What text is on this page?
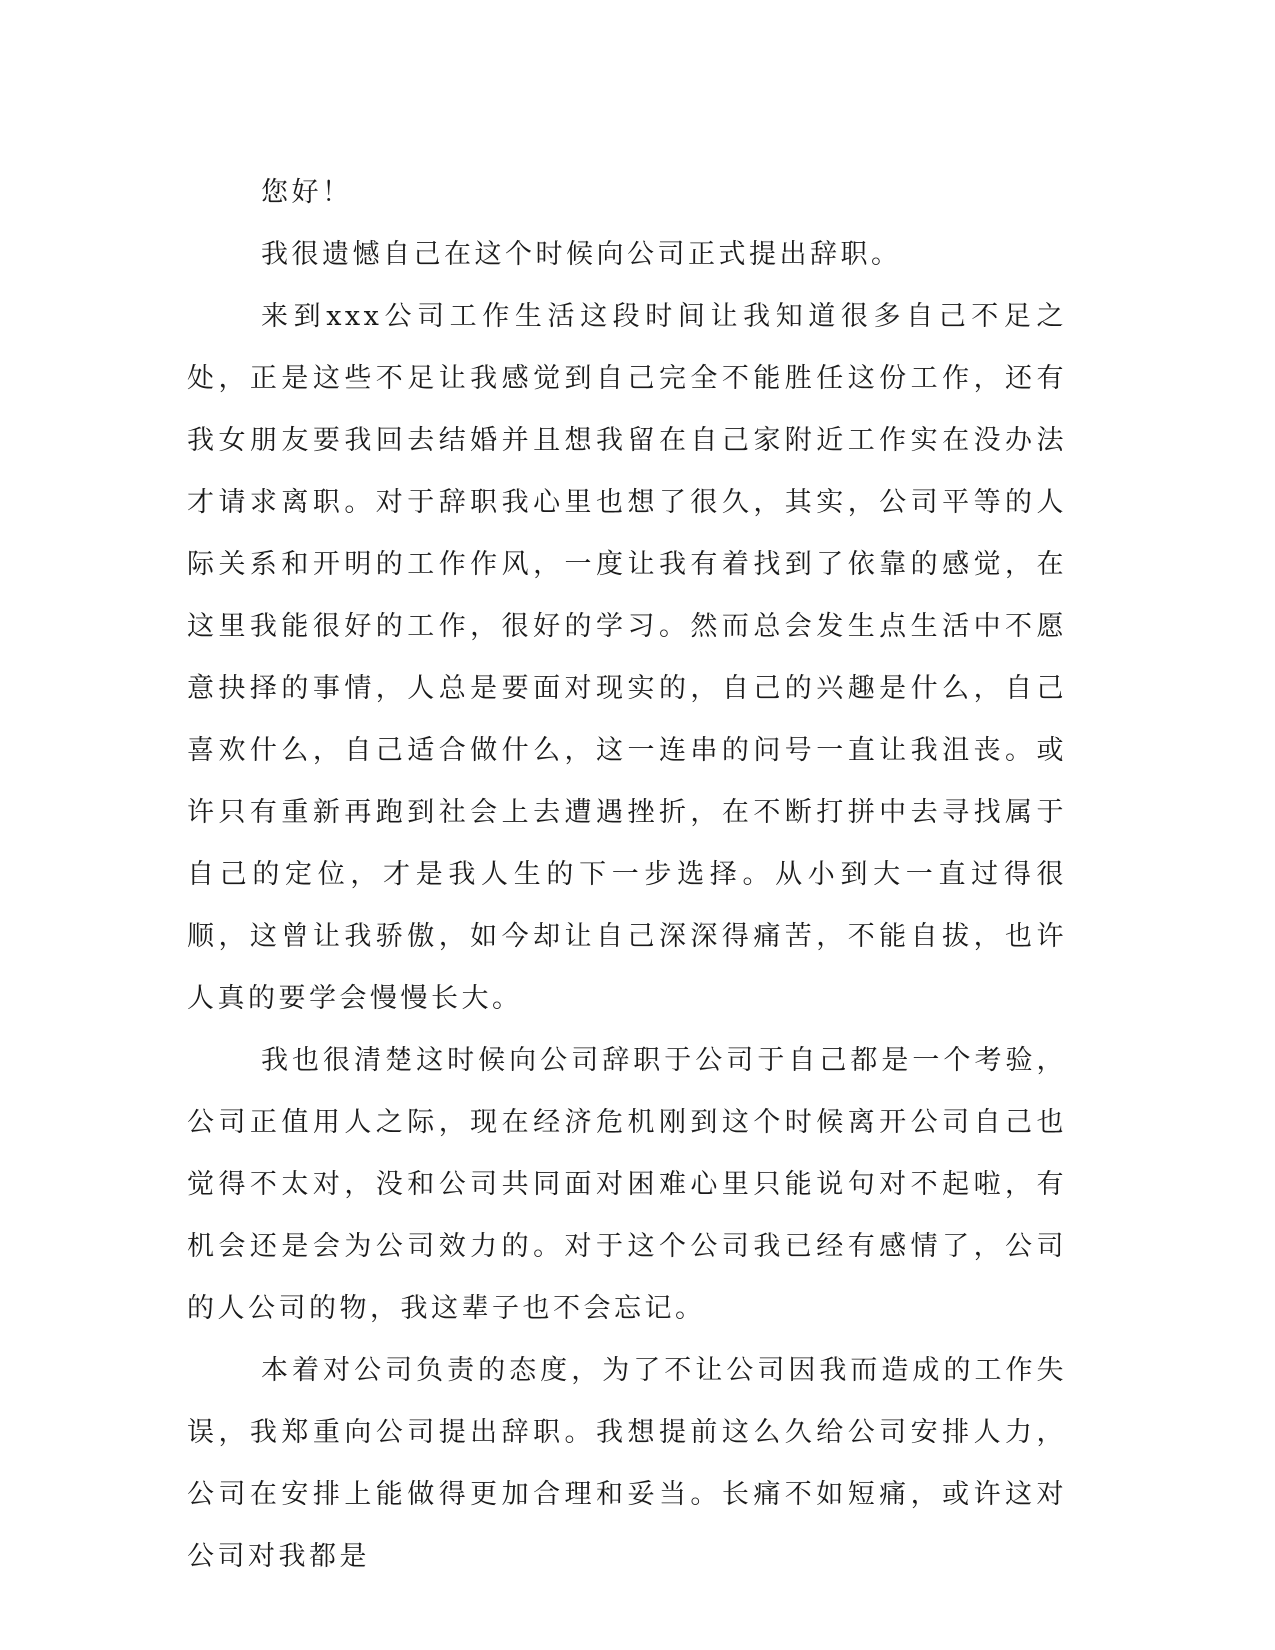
您好！

我很遗憾自己在这个时候向公司正式提出辞职。

来到xxx公司工作生活这段时间让我知道很多自己不足之处，正是这些不足让我感觉到自己完全不能胜任这份工作，还有我女朋友要我回去结婚并且想我留在自己家附近工作实在没办法才请求离职。对于辞职我心里也想了很久，其实，公司平等的人际关系和开明的工作作风，一度让我有着找到了依靠的感觉，在这里我能很好的工作，很好的学习。然而总会发生点生活中不愿意抉择的事情，人总是要面对现实的，自己的兴趣是什么，自己喜欢什么，自己适合做什么，这一连串的问号一直让我沮丧。或许只有重新再跑到社会上去遭遇挫折，在不断打拼中去寻找属于自己的定位，才是我人生的下一步选择。从小到大一直过得很顺，这曾让我骄傲，如今却让自己深深得痛苦，不能自拔，也许人真的要学会慢慢长大。

我也很清楚这时候向公司辞职于公司于自己都是一个考验，公司正值用人之际，现在经济危机刚到这个时候离开公司自己也觉得不太对，没和公司共同面对困难心里只能说句对不起啦，有机会还是会为公司效力的。对于这个公司我已经有感情了，公司的人公司的物，我这辈子也不会忘记。

本着对公司负责的态度，为了不让公司因我而造成的工作失误，我郑重向公司提出辞职。我想提前这么久给公司安排人力，公司在安排上能做得更加合理和妥当。长痛不如短痛，或许这对公司对我都是
